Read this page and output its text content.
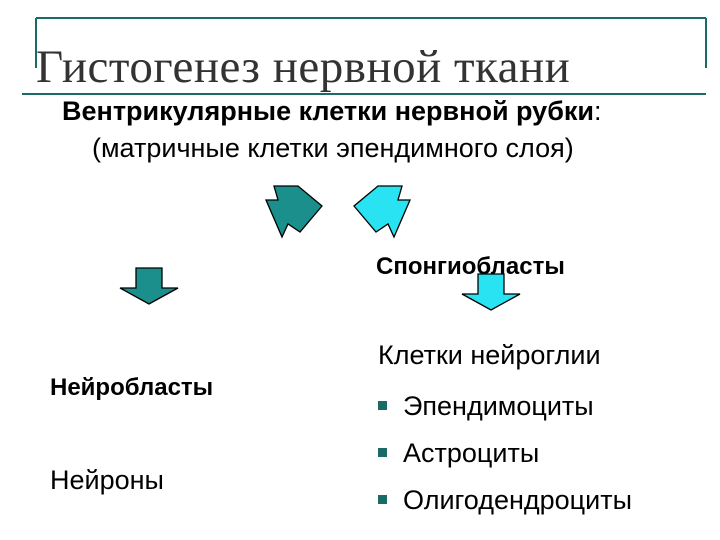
Гистогенез нервной ткани
Вентрикулярные клетки нервной рубки:
(матричные клетки эпендимного слоя)
Спонгиобласты
Нейробласты
Нейроны
Клетки нейроглии
Эпендимоциты
Астроциты
Олигодендроциты
